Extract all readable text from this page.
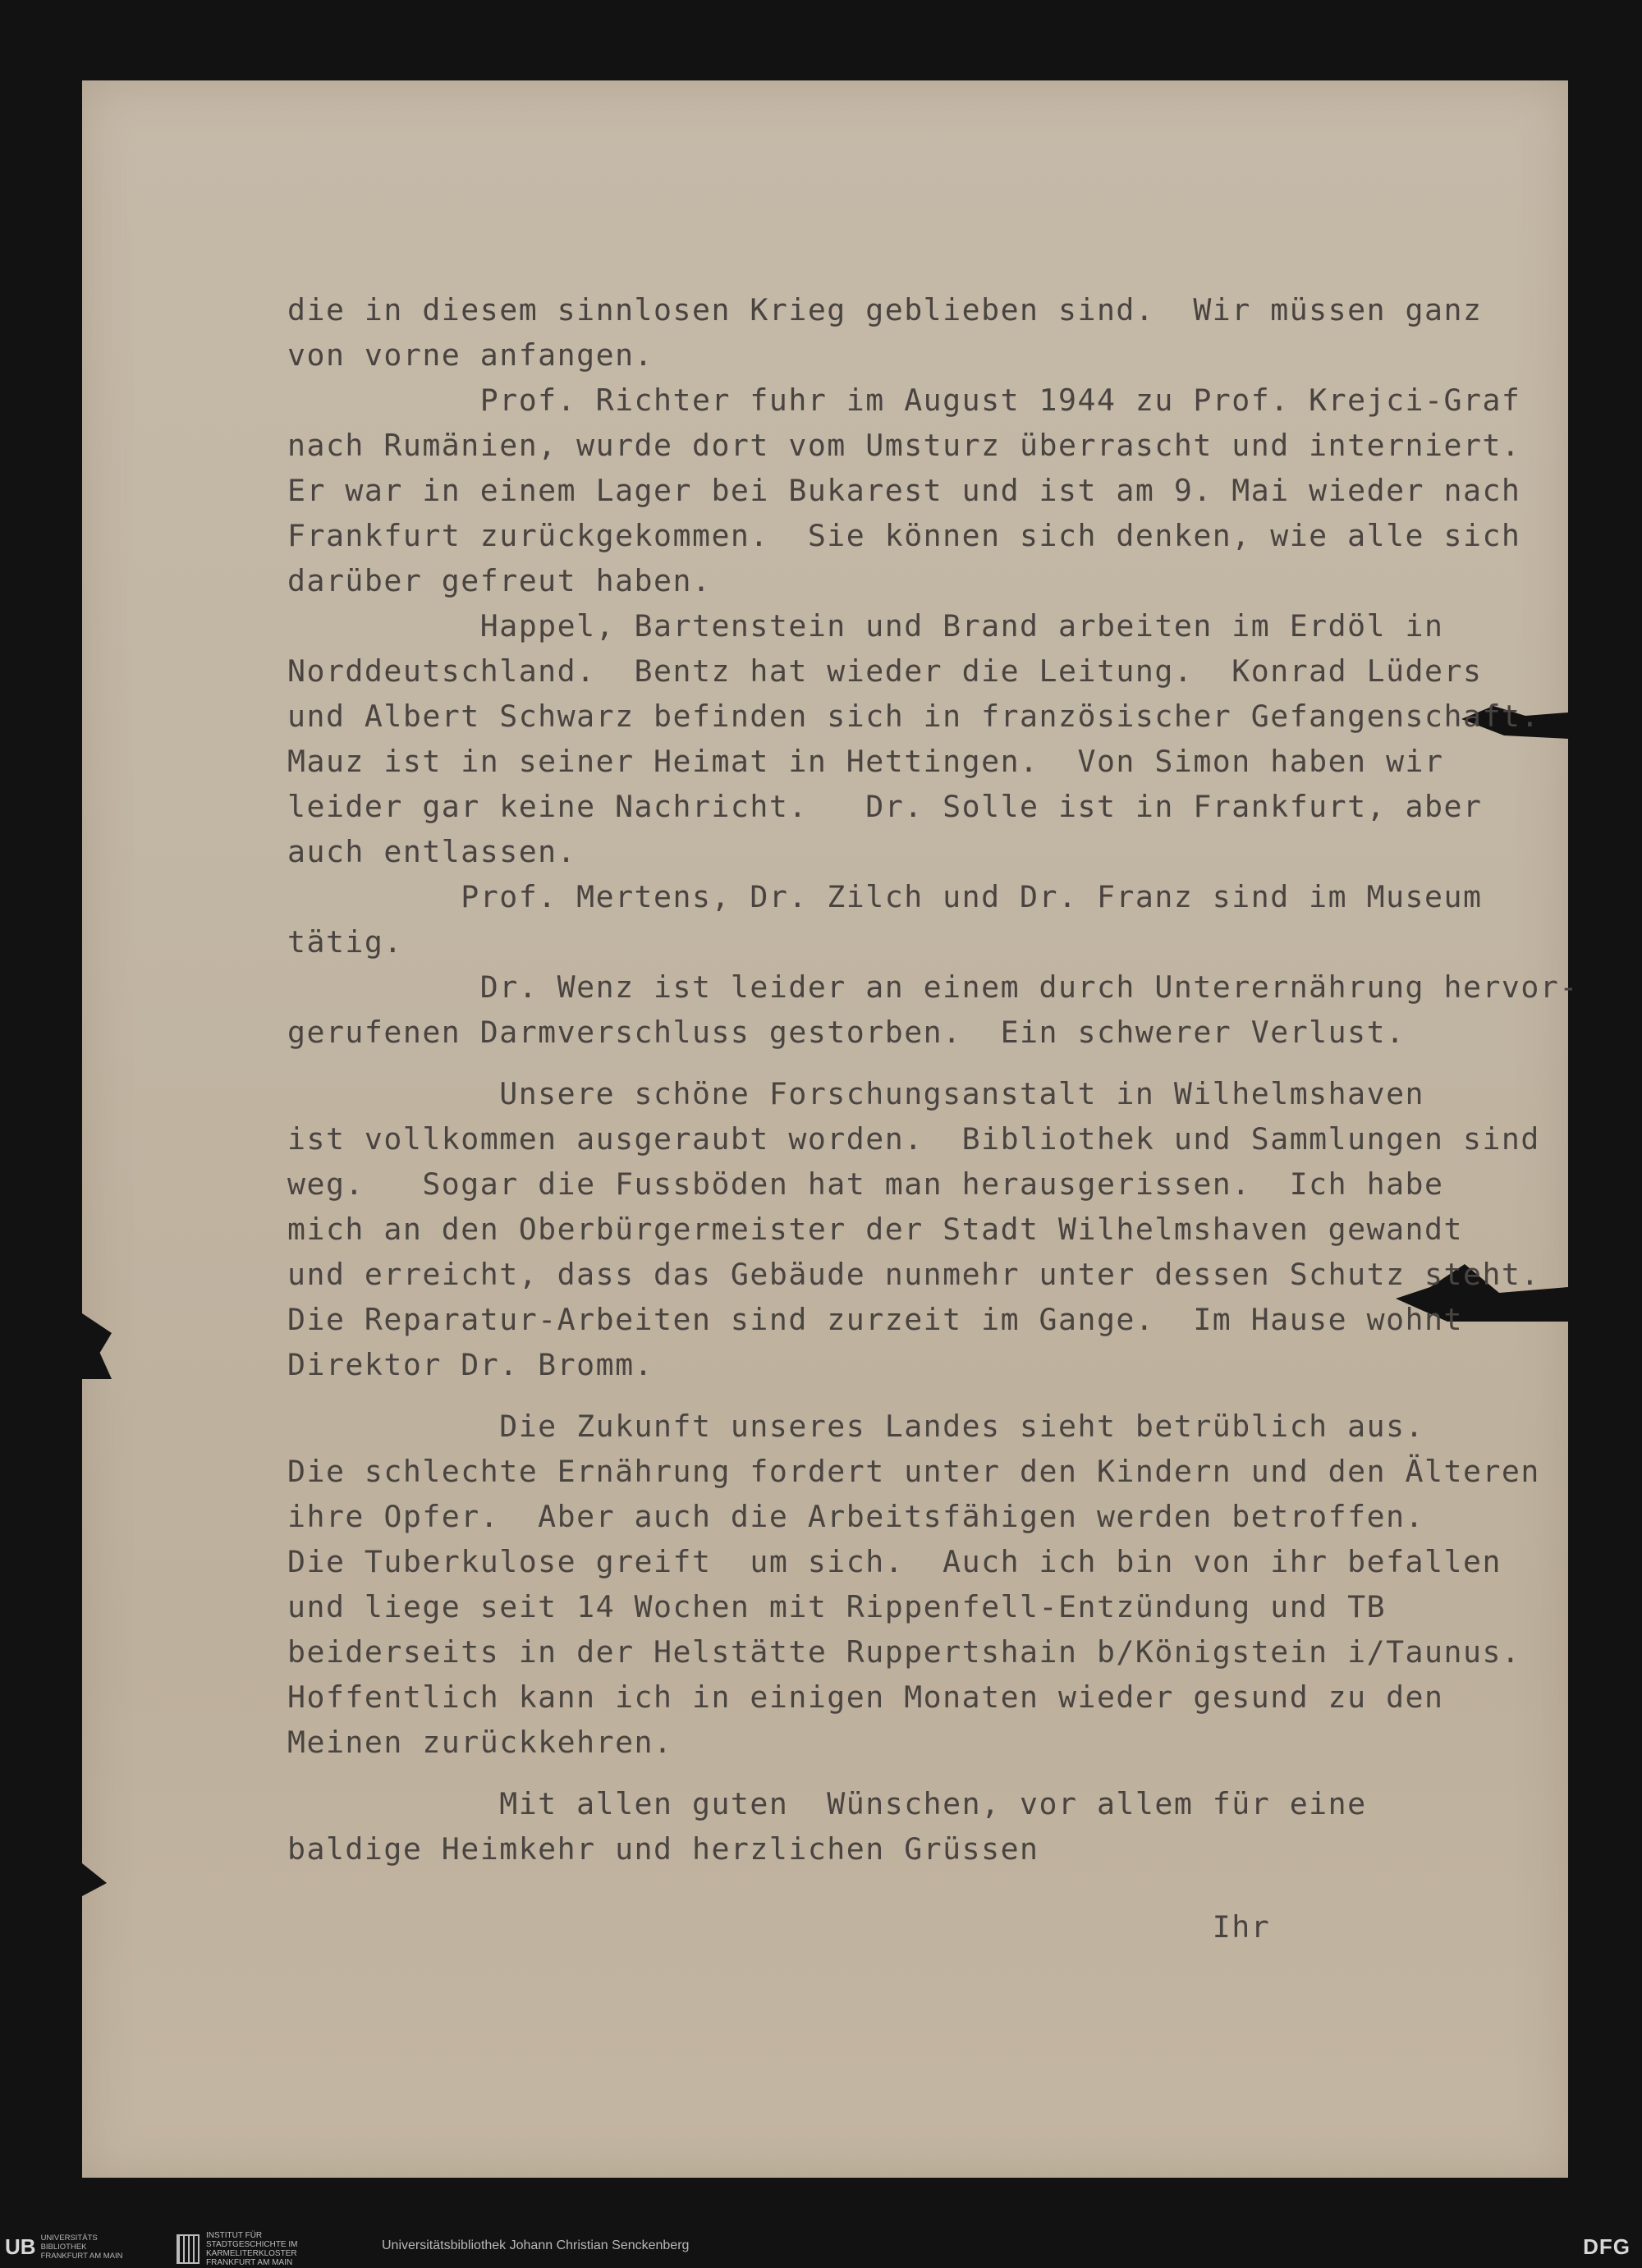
die in diesem sinnlosen Krieg geblieben sind.  Wir müssen ganz
von vorne anfangen.
Prof. Richter fuhr im August 1944 zu Prof. Krejci-Graf
nach Rumänien, wurde dort vom Umsturz überrascht und interniert.
Er war in einem Lager bei Bukarest und ist am 9. Mai wieder nach
Frankfurt zurückgekommen.  Sie können sich denken, wie alle sich
darüber gefreut haben.
Happel, Bartenstein und Brand arbeiten im Erdöl in
Norddeutschland.  Bentz hat wieder die Leitung.  Konrad Lüders
und Albert Schwarz befinden sich in französischer Gefangenschaft.
Mauz ist in seiner Heimat in Hettingen.  Von Simon haben wir
leider gar keine Nachricht.   Dr. Solle ist in Frankfurt, aber
auch entlassen.
Prof. Mertens, Dr. Zilch und Dr. Franz sind im Museum
tätig.
Dr. Wenz ist leider an einem durch Unterernährung hervor-
gerufenen Darmverschluss gestorben.  Ein schwerer Verlust.
Unsere schöne Forschungsanstalt in Wilhelmshaven
ist vollkommen ausgeraubt worden.  Bibliothek und Sammlungen sind
weg.   Sogar die Fussböden hat man herausgerissen.  Ich habe
mich an den Oberbürgermeister der Stadt Wilhelmshaven gewandt
und erreicht, dass das Gebäude nunmehr unter dessen Schutz steht.
Die Reparatur-Arbeiten sind zurzeit im Gange.  Im Hause wohnt
Direktor Dr. Bromm.
Die Zukunft unseres Landes sieht betrüblich aus.
Die schlechte Ernährung fordert unter den Kindern und den Älteren
ihre Opfer.  Aber auch die Arbeitsfähigen werden betroffen.
Die Tuberkulose greift  um sich.  Auch ich bin von ihr befallen
und liege seit 14 Wochen mit Rippenfell-Entzündung und TB
beiderseits in der Helstätte Ruppertshain b/Königstein i/Taunus.
Hoffentlich kann ich in einigen Monaten wieder gesund zu den
Meinen zurückkehren.
Mit allen guten  Wünschen, vor allem für eine
baldige Heimkehr und herzlichen Grüssen
Ihr
UB UNIVERSITÄTS BIBLIOTHEK FRANKFURT AM MAIN
INSTITUT FÜR STADTGESCHICHTE IM KARMELITERKLOSTER FRANKFURT AM MAIN
Universitätsbibliothek Johann Christian Senckenberg	DFG
